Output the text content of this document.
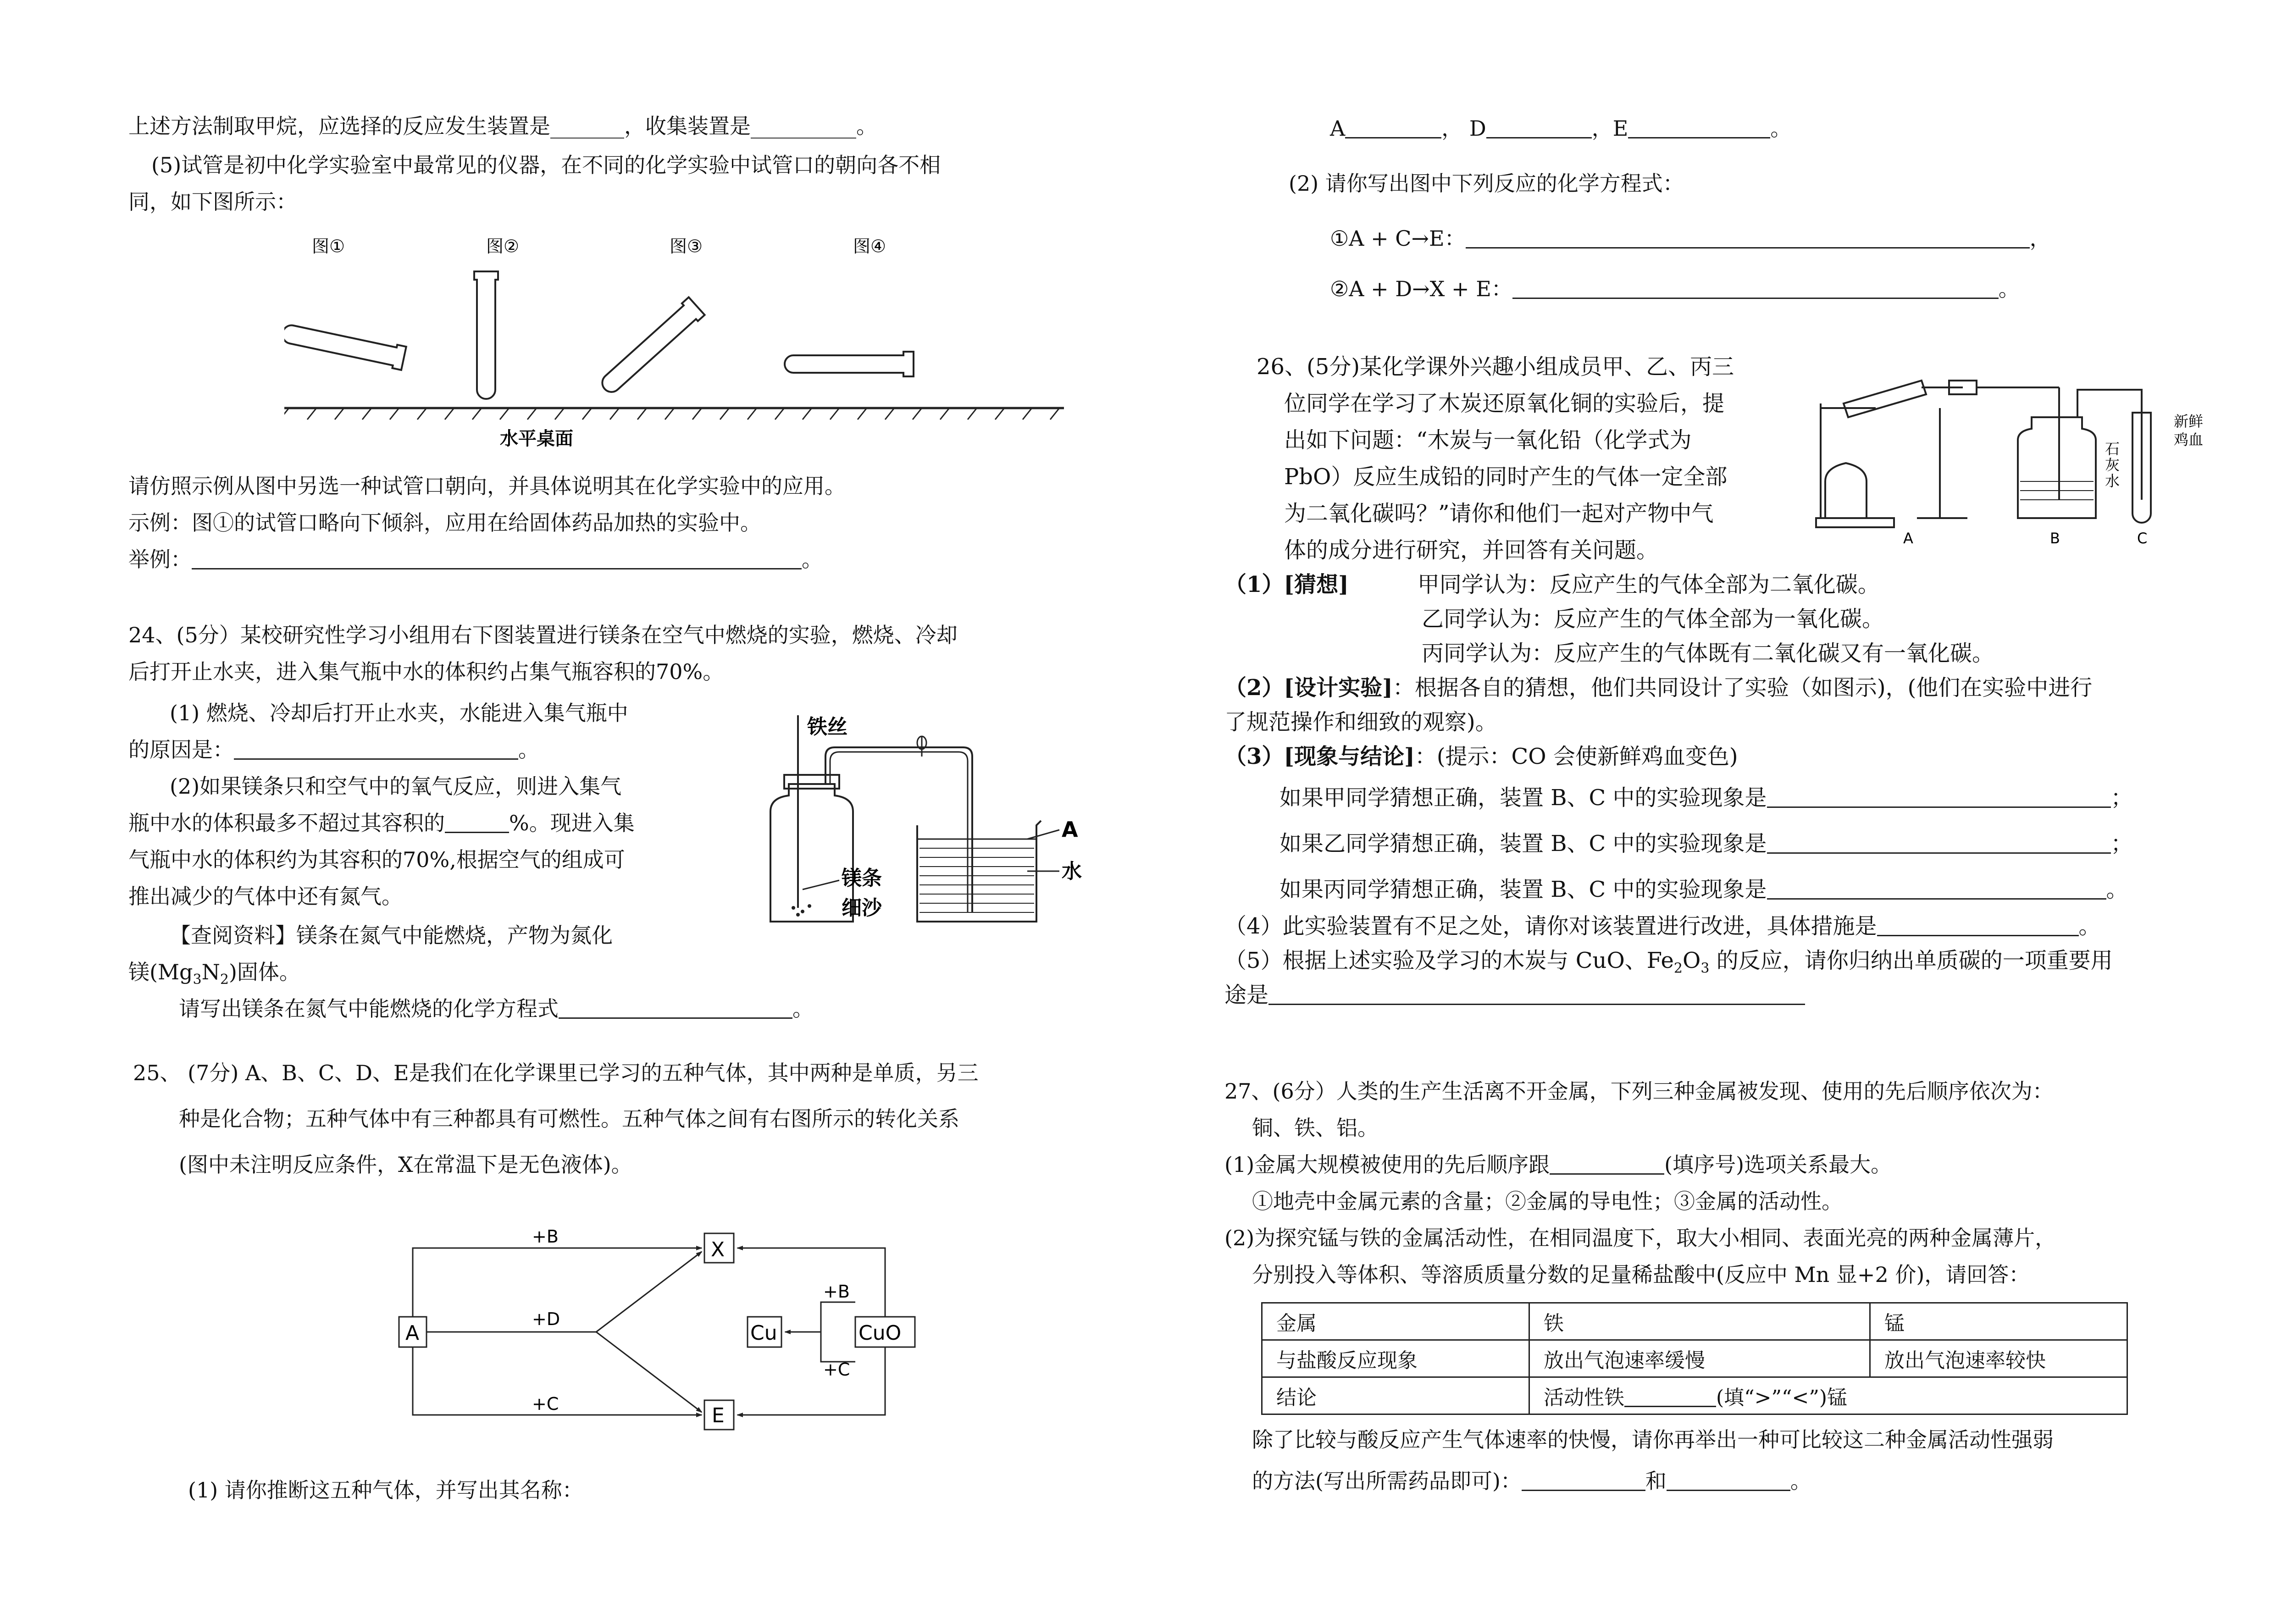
上述方法制取甲烷，应选择的反应发生装置是_______，收集装置是__________。
(5)试管是初中化学实验室中最常见的仪器，在不同的化学实验中试管口的朝向各不相
同，如下图所示：
图①	图②	图③	图④
水平桌面
请仿照示例从图中另选一种试管口朝向，并具体说明其在化学实验中的应用。
示例：图①的试管口略向下倾斜，应用在给固体药品加热的实验中。
举例：	。
24、(5分）某校研究性学习小组用右下图装置进行镁条在空气中燃烧的实验，燃烧、冷却
后打开止水夹，进入集气瓶中水的体积约占集气瓶容积的70%。
(1) 燃烧、冷却后打开止水夹，水能进入集气瓶中
的原因是：	。
(2)如果镁条只和空气中的氧气反应，则进入集气
瓶中水的体积最多不超过其容积的	%。现进入集
气瓶中水的体积约为其容积的70%,根据空气的组成可
推出减少的气体中还有氮气。
【查阅资料】镁条在氮气中能燃烧，产物为氮化
镁$(Mg_3N_2)$固体。
请写出镁条在氮气中能燃烧的化学方程式	。
铁丝
镁条
细沙
A
水
25、 (7分) A、B、C、D、E是我们在化学课里已学习的五种气体，其中两种是单质，另三
种是化合物；五种气体中有三种都具有可燃性。五种气体之间有右图所示的转化关系
(图中未注明反应条件，X在常温下是无色液体)。
A
X
E
Cu	CuO
+B
+D
+C
+B
+C
(1) 请你推断这五种气体，并写出其名称：
A	， D	，E	。
(2) 请你写出图中下列反应的化学方程式：
①A + C→E：	，
②A + D→X + E：	。
26、(5分)某化学课外兴趣小组成员甲、乙、丙三
位同学在学习了木炭还原氧化铜的实验后，提
出如下问题：“木炭与一氧化铅（化学式为
PbO）反应生成铅的同时产生的气体一定全部
为二氧化碳吗？”请你和他们一起对产物中气
体的成分进行研究，并回答有关问题。
石
灰
水
新鲜
鸡血
A	B	C
（1）[猜想]	甲同学认为：反应产生的气体全部为二氧化碳。
乙同学认为：反应产生的气体全部为一氧化碳。
丙同学认为：反应产生的气体既有二氧化碳又有一氧化碳。
（2）[设计实验]：根据各自的猜想，他们共同设计了实验（如图示)，(他们在实验中进行
了规范操作和细致的观察)。
（3）[现象与结论]：(提示：CO 会使新鲜鸡血变色)
如果甲同学猜想正确，装置 B、C 中的实验现象是	；
如果乙同学猜想正确，装置 B、C 中的实验现象是	；
如果丙同学猜想正确，装置 B、C 中的实验现象是	。
（4）此实验装置有不足之处，请你对该装置进行改进，具体措施是	。
（5）根据上述实验及学习的木炭与 CuO、$Fe_2O_3$ 的反应，请你归纳出单质碳的一项重要用
途是
27、(6分）人类的生产生活离不开金属，下列三种金属被发现、使用的先后顺序依次为：
铜、铁、铝。
(1)金属大规模被使用的先后顺序跟	(填序号)选项关系最大。
①地壳中金属元素的含量；②金属的导电性；③金属的活动性。
(2)为探究锰与铁的金属活动性，在相同温度下，取大小相同、表面光亮的两种金属薄片，
分别投入等体积、等溶质质量分数的足量稀盐酸中(反应中 Mn 显+2 价)，请回答：
金属	铁	锰
与盐酸反应现象	放出气泡速率缓慢	放出气泡速率较快
结论	活动性铁 (填“>”“<”)锰	
除了比较与酸反应产生气体速率的快慢，请你再举出一种可比较这二种金属活动性强弱
的方法(写出所需药品即可)：	和	。
